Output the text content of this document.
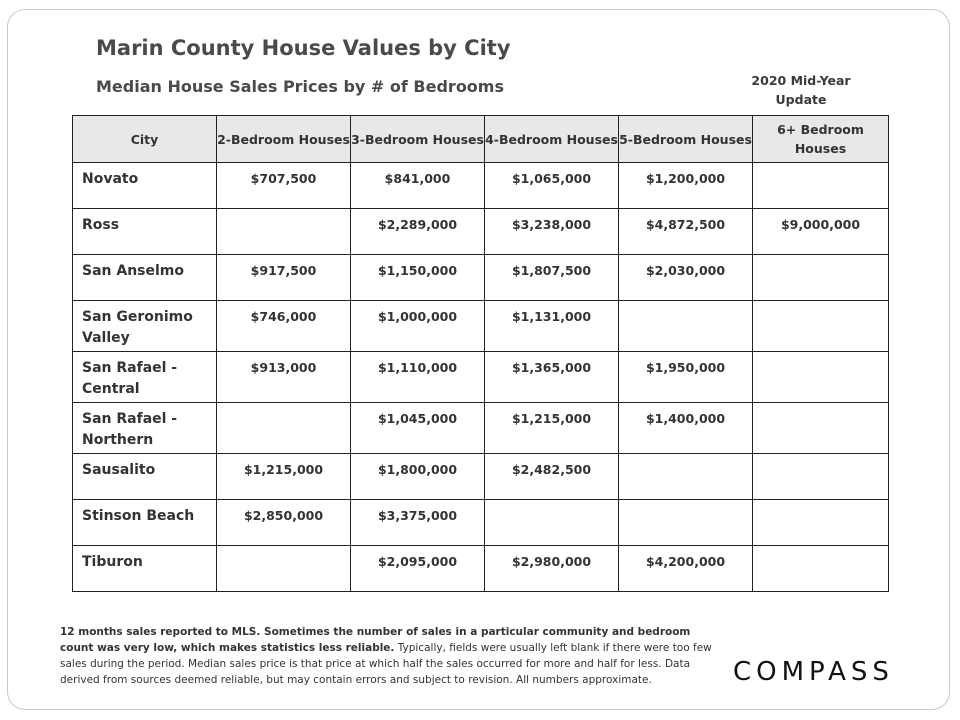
Marin County House Values by City
Median House Sales Prices by # of Bedrooms	2020 Mid-Year Update
City	2-Bedroom Houses	3-Bedroom Houses	4-Bedroom Houses	5-Bedroom Houses	6+ Bedroom Houses
Novato	$707,500	$841,000	$1,065,000	$1,200,000	
Ross		$2,289,000	$3,238,000	$4,872,500	$9,000,000
San Anselmo	$917,500	$1,150,000	$1,807,500	$2,030,000	
San Geronimo Valley	$746,000	$1,000,000	$1,131,000		
San Rafael - Central	$913,000	$1,110,000	$1,365,000	$1,950,000	
San Rafael - Northern		$1,045,000	$1,215,000	$1,400,000	
Sausalito	$1,215,000	$1,800,000	$2,482,500		
Stinson Beach	$2,850,000	$3,375,000			
Tiburon		$2,095,000	$2,980,000	$4,200,000	
12 months sales reported to MLS. Sometimes the number of sales in a particular community and bedroom count was very low, which makes statistics less reliable. Typically, fields were usually left blank if there were too few sales during the period. Median sales price is that price at which half the sales occurred for more and half for less. Data derived from sources deemed reliable, but may contain errors and subject to revision. All numbers approximate.	COMPASS
